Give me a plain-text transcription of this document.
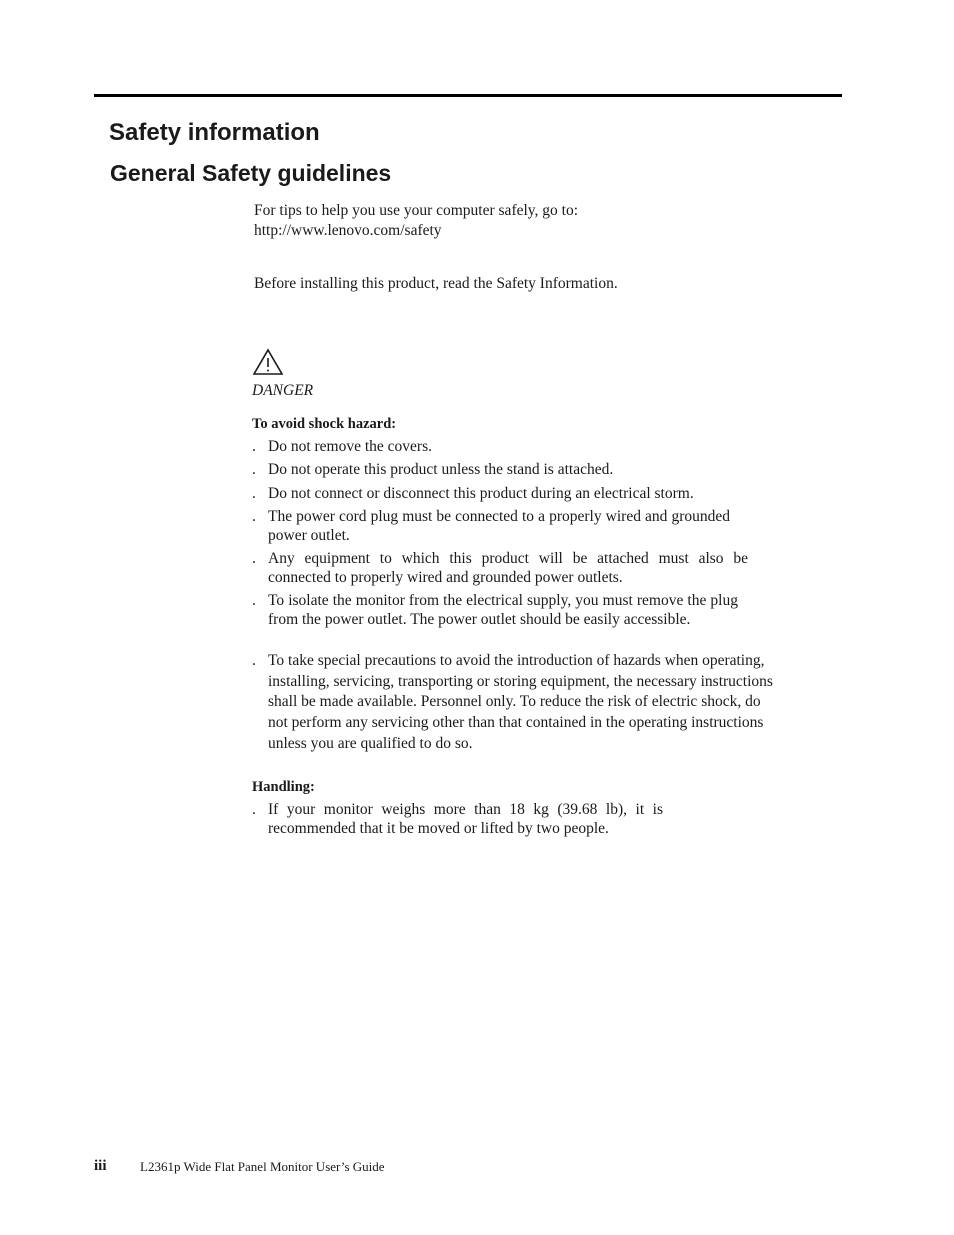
Safety information
General Safety guidelines

For tips to help you use your computer safely, go to:
http://www.lenovo.com/safety

Before installing this product, read the Safety Information.

DANGER
To avoid shock hazard:
. Do not remove the covers.
. Do not operate this product unless the stand is attached.
. Do not connect or disconnect this product during an electrical storm.
. The power cord plug must be connected to a properly wired and grounded power outlet.
. Any equipment to which this product will be attached must also be connected to properly wired and grounded power outlets.
. To isolate the monitor from the electrical supply, you must remove the plug from the power outlet. The power outlet should be easily accessible.
. To take special precautions to avoid the introduction of hazards when operating, installing, servicing, transporting or storing equipment, the necessary instructions shall be made available. Personnel only. To reduce the risk of electric shock, do not perform any servicing other than that contained in the operating instructions unless you are qualified to do so.
Handling:
. If your monitor weighs more than 18 kg (39.68 lb), it is recommended that it be moved or lifted by two people.
iii	L2361p Wide Flat Panel Monitor User’s Guide
